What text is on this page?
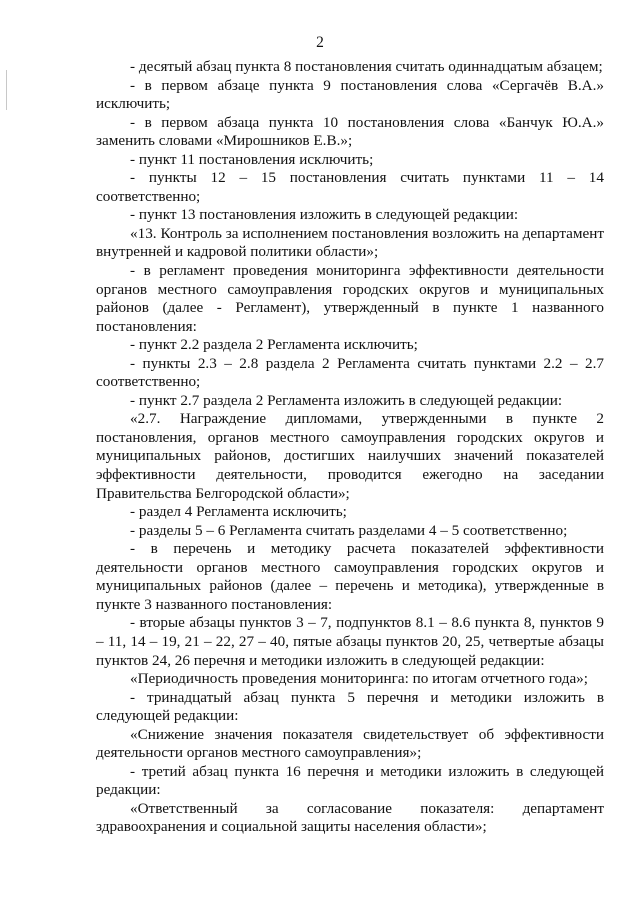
2

- десятый абзац пункта 8 постановления считать одиннадцатым абзацем;

- в первом абзаце пункта 9 постановления слова «Сергачёв В.А.» исключить;

- в первом абзаца пункта 10 постановления слова «Банчук Ю.А.» заменить словами «Мирошников Е.В.»;

- пункт 11 постановления исключить;

- пункты 12 – 15 постановления считать пунктами 11 – 14 соответственно;

- пункт 13 постановления изложить в следующей редакции:

«13. Контроль за исполнением постановления возложить на департамент внутренней и кадровой политики области»;

- в регламент проведения мониторинга эффективности деятельности органов местного самоуправления городских округов и муниципальных районов (далее - Регламент), утвержденный в пункте 1 названного постановления:

- пункт 2.2 раздела 2 Регламента исключить;

- пункты 2.3 – 2.8 раздела 2 Регламента считать пунктами 2.2 – 2.7 соответственно;

- пункт 2.7 раздела 2 Регламента изложить в следующей редакции:

«2.7. Награждение дипломами, утвержденными в пункте 2 постановления, органов местного самоуправления городских округов и муниципальных районов, достигших наилучших значений показателей эффективности деятельности, проводится ежегодно на заседании Правительства Белгородской области»;

- раздел 4 Регламента исключить;

- разделы 5 – 6 Регламента считать разделами 4 – 5 соответственно;

- в перечень и методику расчета показателей эффективности деятельности органов местного самоуправления городских округов и муниципальных районов (далее – перечень и методика), утвержденные в пункте 3 названного постановления:

- вторые абзацы пунктов 3 – 7, подпунктов 8.1 – 8.6 пункта 8, пунктов 9 – 11, 14 – 19, 21 – 22, 27 – 40, пятые абзацы пунктов 20, 25, четвертые абзацы пунктов 24, 26 перечня и методики изложить в следующей редакции:

«Периодичность проведения мониторинга: по итогам отчетного года»;

- тринадцатый абзац пункта 5 перечня и методики изложить в следующей редакции:

«Снижение значения показателя свидетельствует об эффективности деятельности органов местного самоуправления»;

- третий абзац пункта 16 перечня и методики изложить в следующей редакции:

«Ответственный за согласование показателя: департамент здравоохранения и социальной защиты населения области»;
